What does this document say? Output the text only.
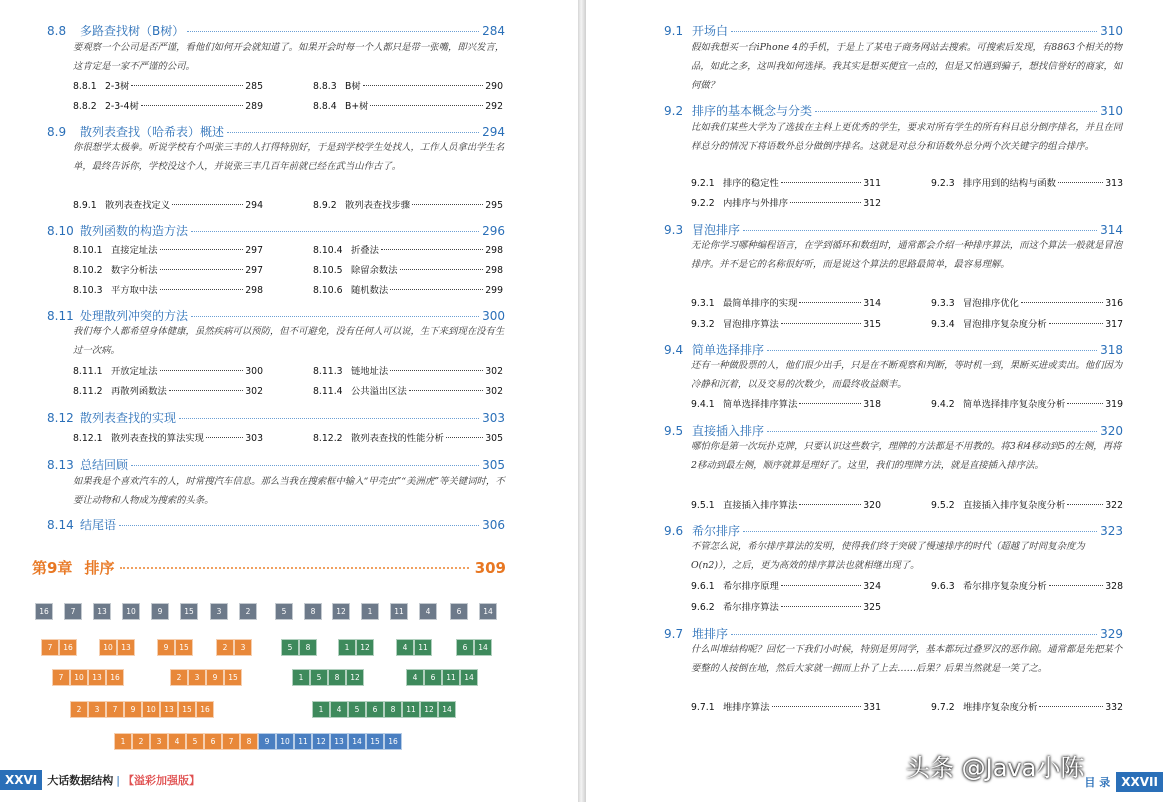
8.8	多路查找树（B树）	284
要观察一个公司是否严谨，看他们如何开会就知道了。如果开会时每一个人都只是带一张嘴，即兴发言，这肯定是一家不严谨的公司。
8.8.1 2-3树	285	8.8.3 B树	290
8.8.2 2-3-4树	289	8.8.4 B+树	292
8.9	散列表查找（哈希表）概述	294
你很想学太极拳。听说学校有个叫张三丰的人打得特别好，于是到学校学生处找人，工作人员拿出学生名单，最终告诉你，学校没这个人，并说张三丰几百年前就已经在武当山作古了。
8.9.1 散列表查找定义	294	8.9.2 散列表查找步骤	295
8.10 散列函数的构造方法	296
8.10.1 直接定址法	297	8.10.4 折叠法	298
8.10.2 数字分析法	297	8.10.5 除留余数法	298
8.10.3 平方取中法	298	8.10.6 随机数法	299
8.11 处理散列冲突的方法	300
我们每个人都希望身体健康，虽然疾病可以预防，但不可避免，没有任何人可以说，生下来到现在没有生过一次病。
8.11.1 开放定址法	300	8.11.3 链地址法	302
8.11.2 再散列函数法	302	8.11.4 公共溢出区法	302
8.12 散列表查找的实现	303
8.12.1 散列表查找的算法实现	303	8.12.2 散列表查找的性能分析	305
8.13 总结回顾	305
如果我是个喜欢汽车的人，时常搜汽车信息。那么当我在搜索框中输入“甲壳虫”“美洲虎”等关键词时，不要让动物和人物成为搜索的头条。
8.14 结尾语	306
第9章 排序	309
16	7	13	10	9	15	3	2	5	8	12	1	11	4	6	14
7	16	10	13	9	15	2	3	5	8	1	12	4	11	6	14
7	10	13	16	2	3	9	15	1	5	8	12	4	6	11	14
2	3	7	9	10	13	15	16	1	4	5	6	8	11	12	14
1	2	3	4	5	6	7	8	9	10	11	12	13	14	15	16
XXVI 大话数据结构 | 【溢彩加强版】
9.1 开场白	310
假如我想买一台iPhone 4的手机，于是上了某电子商务网站去搜索。可搜索后发现，有8863个相关的物品，如此之多，这叫我如何选择。我其实是想买便宜一点的，但是又怕遇到骗子，想找信誉好的商家，如何做？
9.2 排序的基本概念与分类	310
比如我们某些大学为了选拔在主科上更优秀的学生，要求对所有学生的所有科目总分倒序排名，并且在同样总分的情况下将语数外总分做倒序排名。这就是对总分和语数外总分两个次关键字的组合排序。
9.2.1 排序的稳定性	311	9.2.3 排序用到的结构与函数	313
9.2.2 内排序与外排序	312
9.3 冒泡排序	314
无论你学习哪种编程语言，在学到循环和数组时，通常都会介绍一种排序算法，而这个算法一般就是冒泡排序。并不是它的名称很好听，而是说这个算法的思路最简单，最容易理解。
9.3.1 最简单排序的实现	314	9.3.3 冒泡排序优化	316
9.3.2 冒泡排序算法	315	9.3.4 冒泡排序复杂度分析	317
9.4 简单选择排序	318
还有一种做股票的人，他们很少出手，只是在不断观察和判断，等时机一到，果断买进或卖出。他们因为冷静和沉着，以及交易的次数少，而最终收益颇丰。
9.4.1 简单选择排序算法	318	9.4.2 简单选择排序复杂度分析	319
9.5 直接插入排序	320
哪怕你是第一次玩扑克牌，只要认识这些数字，理牌的方法都是不用教的。将3和4移动到5的左侧，再将2移动到最左侧，顺序就算是理好了。这里，我们的理牌方法，就是直接插入排序法。
9.5.1 直接插入排序算法	320	9.5.2 直接插入排序复杂度分析	322
9.6 希尔排序	323
不管怎么说，希尔排序算法的发明，使得我们终于突破了慢速排序的时代（超越了时间复杂度为O(n2)），之后，更为高效的排序算法也就相继出现了。
9.6.1 希尔排序原理	324	9.6.3 希尔排序复杂度分析	328
9.6.2 希尔排序算法	325
9.7 堆排序	329
什么叫堆结构呢？回忆一下我们小时候，特别是男同学，基本都玩过叠罗汉的恶作剧。通常都是先把某个要整的人按倒在地，然后大家就一拥而上扑了上去……后果？后果当然就是一笑了之。
9.7.1 堆排序算法	331	9.7.2 堆排序复杂度分析	332
目 录 XXVII
头条 @Java小陈
